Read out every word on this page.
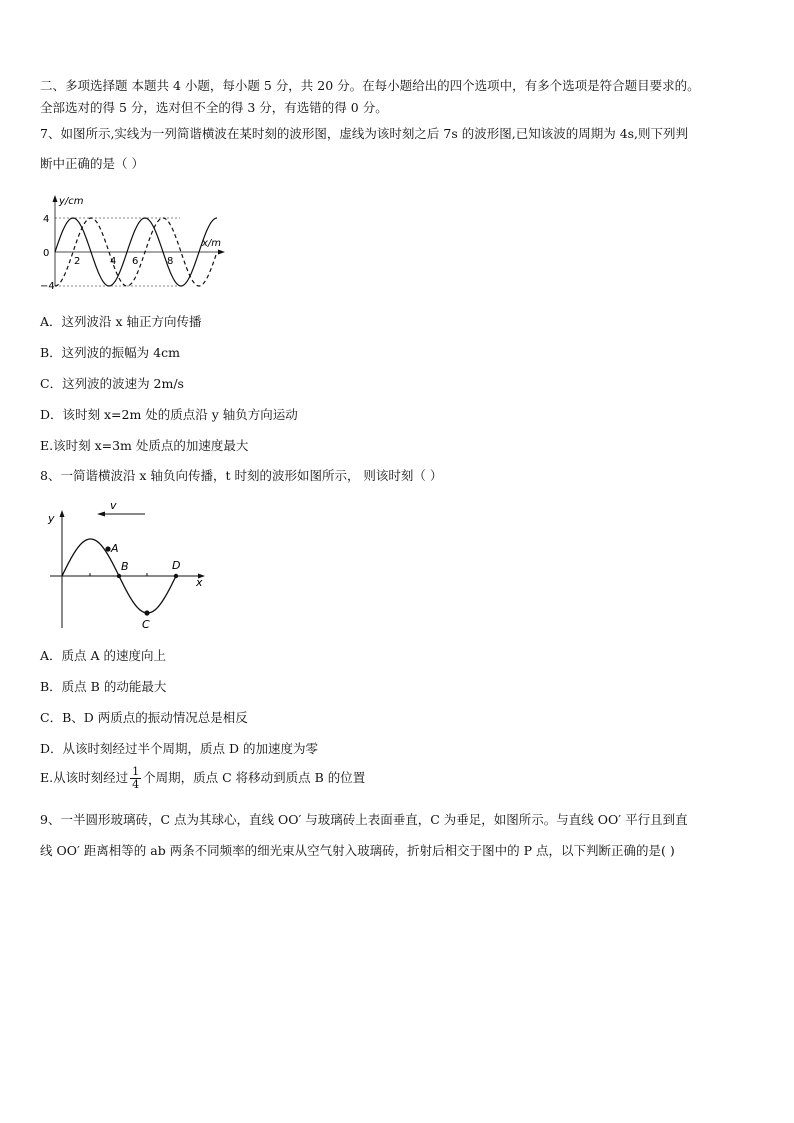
二、多项选择题 本题共 4 小题，每小题 5 分，共 20 分。在每小题给出的四个选项中，有多个选项是符合题目要求的。
全部选对的得 5 分，选对但不全的得 3 分，有选错的得 0 分。
7、如图所示,实线为一列简谐横波在某时刻的波形图，虚线为该时刻之后 7s 的波形图,已知该波的周期为 4s,则下列判
断中正确的是（ ）
y/cm
x/m
4
0
−4
2	4 6	8
A．这列波沿 x 轴正方向传播
B．这列波的振幅为 4cm
C．这列波的波速为 2m/s
D．该时刻 x=2m 处的质点沿 y 轴负方向运动
E.该时刻 x=3m 处质点的加速度最大
8、一简谐横波沿 x 轴负向传播，t 时刻的波形如图所示， 则该时刻（ ）
v
y
x
A
B
C
D
A．质点 A 的速度向上
B．质点 B 的动能最大
C．B、D 两质点的振动情况总是相反
D．从该时刻经过半个周期，质点 D 的加速度为零
E.从该时刻经过 $\frac{1}{4}$ 个周期，质点 C 将移动到质点 B 的位置
9、一半圆形玻璃砖，C 点为其球心，直线 OO′ 与玻璃砖上表面垂直，C 为垂足，如图所示。与直线 OO′ 平行且到直
线 OO′ 距离相等的 ab 两条不同频率的细光束从空气射入玻璃砖，折射后相交于图中的 P 点，以下判断正确的是( )
